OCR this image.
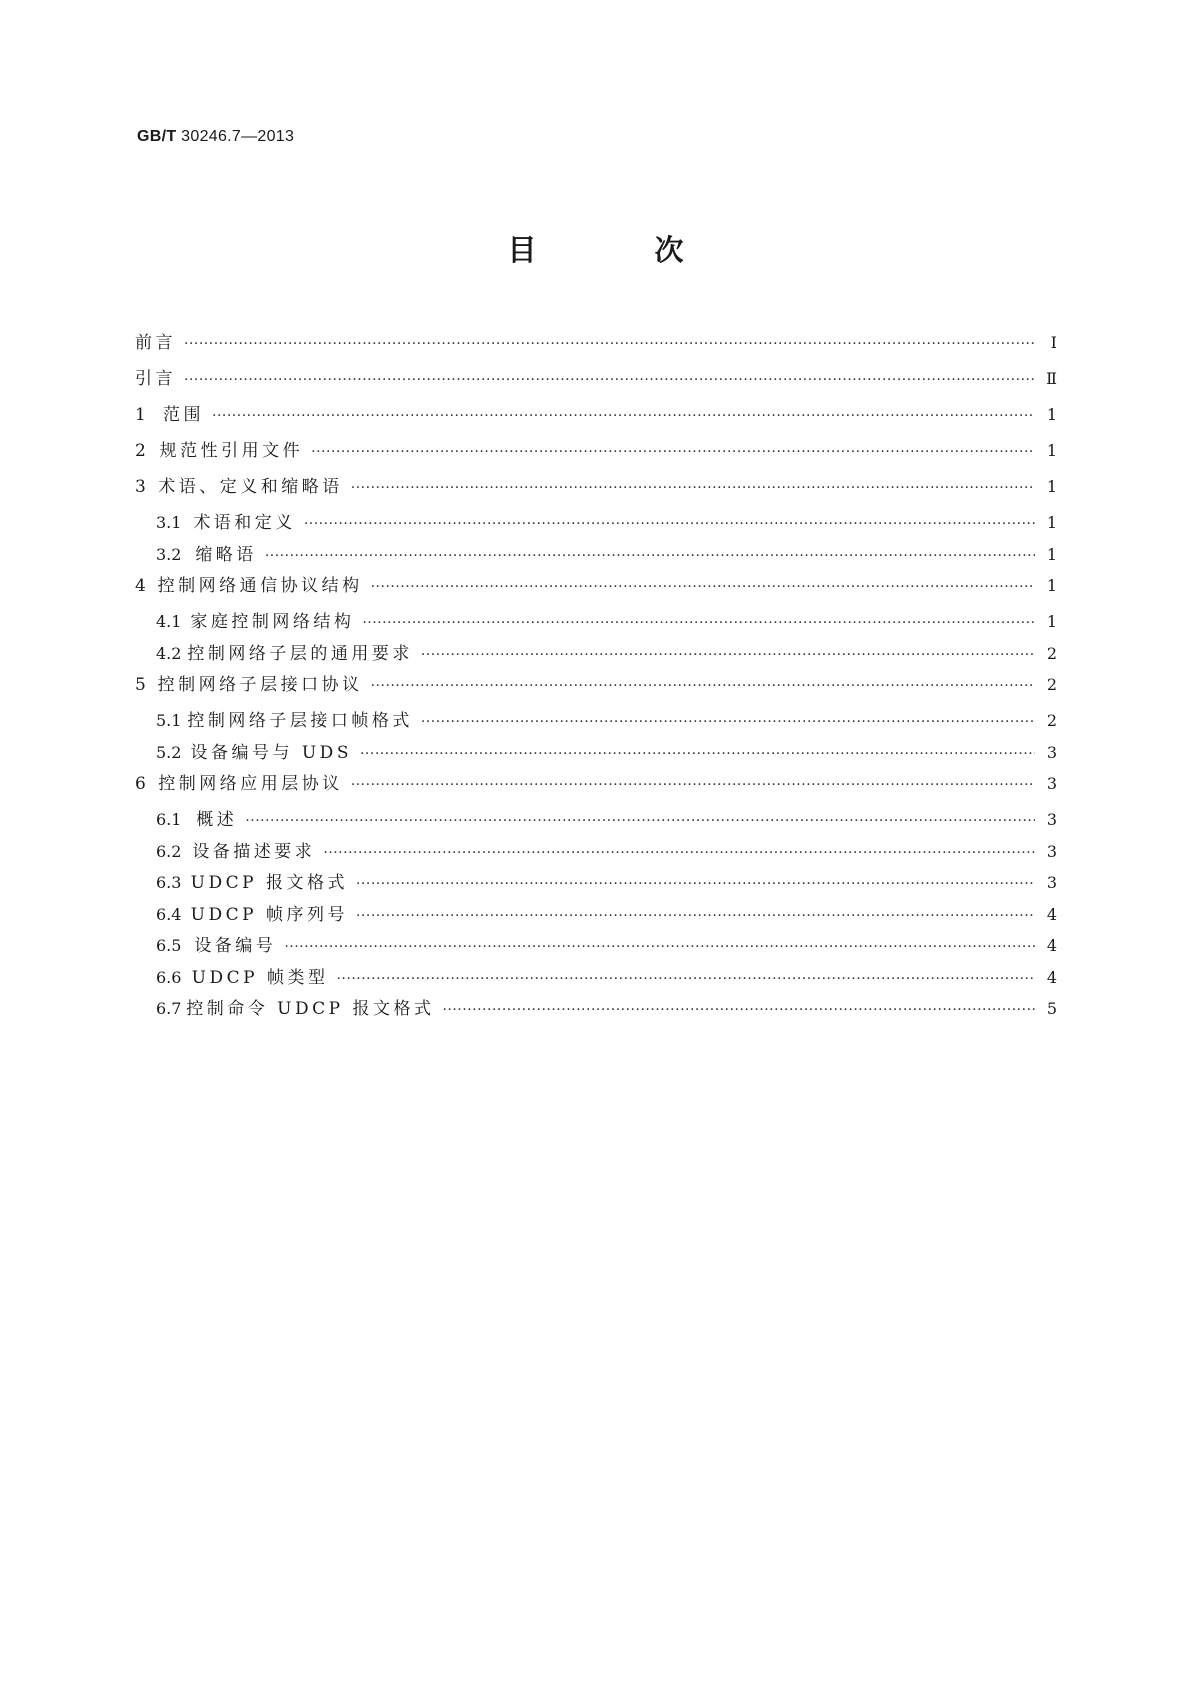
GB/T 30246.7—2013
目 次
前言 ·····	Ⅰ
引言 ·····	Ⅱ
1	范围 ·····	1
2 规范性引用文件 ·····	1
3 术语、定义和缩略语 ·····	1
3.1 术语和定义 ·····	1
3.2 缩略语 ·····	1
4 控制网络通信协议结构 ·····	1
4.1 家庭控制网络结构 ·····	1
4.2 控制网络子层的通用要求 ·····	2
5 控制网络子层接口协议 ·····	2
5.1 控制网络子层接口帧格式 ·····	2
5.2 设备编号与 UDS ·····	3
6 控制网络应用层协议 ·····	3
6.1 概述 ·····	3
6.2 设备描述要求 ·····	3
6.3 UDCP 报文格式 ·····	3
6.4 UDCP 帧序列号 ·····	4
6.5 设备编号 ·····	4
6.6 UDCP 帧类型 ·····	4
6.7 控制命令 UDCP 报文格式 ·····	5
